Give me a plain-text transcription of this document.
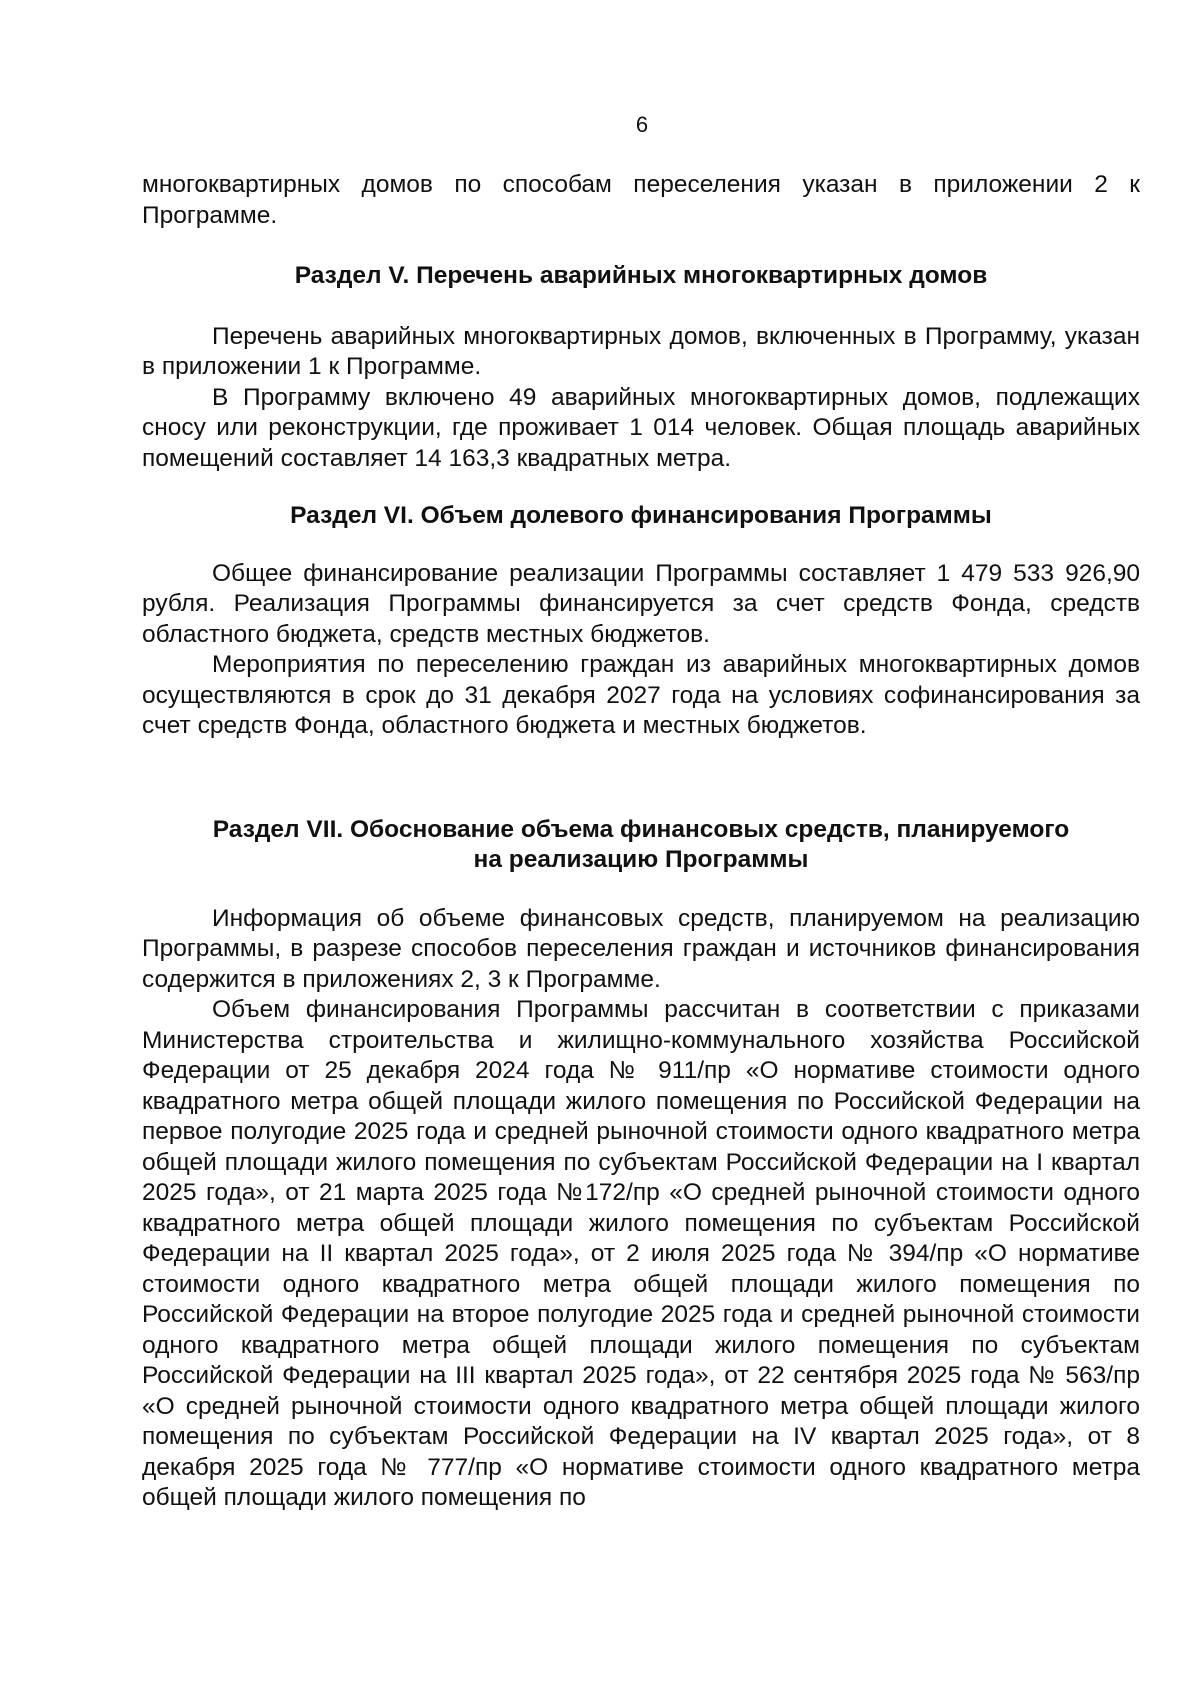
6

многоквартирных домов по способам переселения указан в приложении 2 к Программе.

Раздел V. Перечень аварийных многоквартирных домов

Перечень аварийных многоквартирных домов, включенных в Программу, указан в приложении 1 к Программе.

В Программу включено 49 аварийных многоквартирных домов, подлежащих сносу или реконструкции, где проживает 1 014 человек. Общая площадь аварийных помещений составляет 14 163,3 квадратных метра.

Раздел VI. Объем долевого финансирования Программы

Общее финансирование реализации Программы составляет 1 479 533 926,90 рубля. Реализация Программы финансируется за счет средств Фонда, средств областного бюджета, средств местных бюджетов.

Мероприятия по переселению граждан из аварийных многоквартирных домов осуществляются в срок до 31 декабря 2027 года на условиях софинансирования за счет средств Фонда, областного бюджета и местных бюджетов.

Раздел VII. Обоснование объема финансовых средств, планируемого
на реализацию Программы

Информация об объеме финансовых средств, планируемом на реализацию Программы, в разрезе способов переселения граждан и источников финансирования содержится в приложениях 2, 3 к Программе.

Объем финансирования Программы рассчитан в соответствии с приказами Министерства строительства и жилищно-коммунального хозяйства Российской Федерации от 25 декабря 2024 года № 911/пр «О нормативе стоимости одного квадратного метра общей площади жилого помещения по Российской Федерации на первое полугодие 2025 года и средней рыночной стоимости одного квадратного метра общей площади жилого помещения по субъектам Российской Федерации на I квартал 2025 года», от 21 марта 2025 года №172/пр «О средней рыночной стоимости одного квадратного метра общей площади жилого помещения по субъектам Российской Федерации на II квартал 2025 года», от 2 июля 2025 года № 394/пр «О нормативе стоимости одного квадратного метра общей площади жилого помещения по Российской Федерации на второе полугодие 2025 года и средней рыночной стоимости одного квадратного метра общей площади жилого помещения по субъектам Российской Федерации на III квартал 2025 года», от 22 сентября 2025 года № 563/пр «О средней рыночной стоимости одного квадратного метра общей площади жилого помещения по субъектам Российской Федерации на IV квартал 2025 года», от 8 декабря 2025 года № 777/пр «О нормативе стоимости одного квадратного метра общей площади жилого помещения по
